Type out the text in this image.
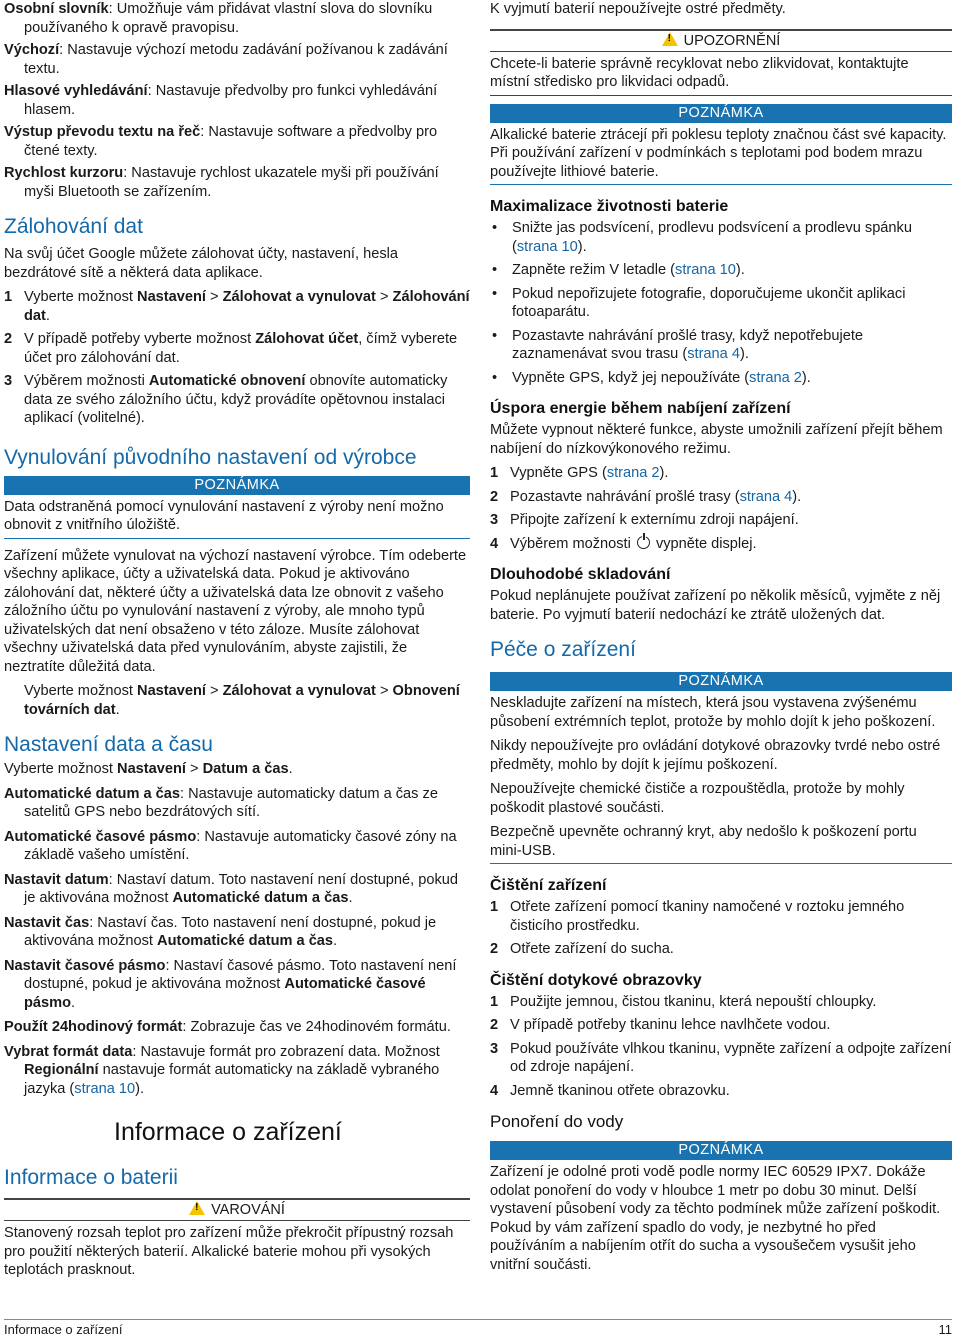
Osobní slovník: Umožňuje vám přidávat vlastní slova do slovníku používaného k opravě pravopisu.

Výchozí: Nastavuje výchozí metodu zadávání požívanou k zadávání textu.

Hlasové vyhledávání: Nastavuje předvolby pro funkci vyhledávání hlasem.

Výstup převodu textu na řeč: Nastavuje software a předvolby pro čtené texty.

Rychlost kurzoru: Nastavuje rychlost ukazatele myši při používání myši Bluetooth se zařízením.

Zálohování dat

Na svůj účet Google můžete zálohovat účty, nastavení, hesla bezdrátové sítě a některá data aplikace.

1 Vyberte možnost Nastavení > Zálohovat a vynulovat > Zálohování dat.
2 V případě potřeby vyberte možnost Zálohovat účet, čímž vyberete účet pro zálohování dat.
3 Výběrem možnosti Automatické obnovení obnovíte automaticky data ze svého záložního účtu, když provádíte opětovnou instalaci aplikací (volitelné).
Vynulování původního nastavení od výrobce
POZNÁMKA

Data odstraněná pomocí vynulování nastavení z výroby není možno obnovit z vnitřního úložiště.

Zařízení můžete vynulovat na výchozí nastavení výrobce. Tím odeberte všechny aplikace, účty a uživatelská data. Pokud je aktivováno zálohování dat, některé účty a uživatelská data lze obnovit z vašeho záložního účtu po vynulování nastavení z výroby, ale mnoho typů uživatelských dat není obsaženo v této záloze. Musíte zálohovat všechny uživatelská data před vynulováním, abyste zajistili, že neztratíte důležitá data.

Vyberte možnost Nastavení > Zálohovat a vynulovat > Obnovení továrních dat.

Nastavení data a času

Vyberte možnost Nastavení > Datum a čas.

Automatické datum a čas: Nastavuje automaticky datum a čas ze satelitů GPS nebo bezdrátových sítí.

Automatické časové pásmo: Nastavuje automaticky časové zóny na základě vašeho umístění.

Nastavit datum: Nastaví datum. Toto nastavení není dostupné, pokud je aktivována možnost Automatické datum a čas.

Nastavit čas: Nastaví čas. Toto nastavení není dostupné, pokud je aktivována možnost Automatické datum a čas.

Nastavit časové pásmo: Nastaví časové pásmo. Toto nastavení není dostupné, pokud je aktivována možnost Automatické časové pásmo.

Použít 24hodinový formát: Zobrazuje čas ve 24hodinovém formátu.

Vybrat formát data: Nastavuje formát pro zobrazení data. Možnost Regionální nastavuje formát automaticky na základě vybraného jazyka (strana 10).

Informace o zařízení
Informace o baterii
!VAROVÁNÍ

Stanovený rozsah teplot pro zařízení může překročit přípustný rozsah pro použití některých baterií. Alkalické baterie mohou při vysokých teplotách prasknout.

K vyjmutí baterií nepoužívejte ostré předměty.

!UPOZORNĚNÍ

Chcete-li baterie správně recyklovat nebo zlikvidovat, kontaktujte místní středisko pro likvidaci odpadů.

POZNÁMKA

Alkalické baterie ztrácejí při poklesu teploty značnou část své kapacity. Při používání zařízení v podmínkách s teplotami pod bodem mrazu používejte lithiové baterie.

Maximalizace životnosti baterie
• Snižte jas podsvícení, prodlevu podsvícení a prodlevu spánku (strana 10).
• Zapněte režim V letadle (strana 10).
• Pokud nepořizujete fotografie, doporučujeme ukončit aplikaci fotoaparátu.
• Pozastavte nahrávání prošlé trasy, když nepotřebujete zaznamenávat svou trasu (strana 4).
• Vypněte GPS, když jej nepoužíváte (strana 2).
Úspora energie během nabíjení zařízení

Můžete vypnout některé funkce, abyste umožnili zařízení přejít během nabíjení do nízkovýkonového režimu.

1 Vypněte GPS (strana 2).
2 Pozastavte nahrávání prošlé trasy (strana 4).
3 Připojte zařízení k externímu zdroji napájení.
4 Výběrem možnosti  vypněte displej.
Dlouhodobé skladování

Pokud neplánujete používat zařízení po několik měsíců, vyjměte z něj baterie. Po vyjmutí baterií nedochází ke ztrátě uložených dat.

Péče o zařízení
POZNÁMKA

Neskladujte zařízení na místech, která jsou vystavena zvýšenému působení extrémních teplot, protože by mohlo dojít k jeho poškození.

Nikdy nepoužívejte pro ovládání dotykové obrazovky tvrdé nebo ostré předměty, mohlo by dojít k jejímu poškození.

Nepoužívejte chemické čističe a rozpouštědla, protože by mohly poškodit plastové součásti.

Bezpečně upevněte ochranný kryt, aby nedošlo k poškození portu mini-USB.

Čištění zařízení
1 Otřete zařízení pomocí tkaniny namočené v roztoku jemného čisticího prostředku.
2 Otřete zařízení do sucha.
Čištění dotykové obrazovky
1 Použijte jemnou, čistou tkaninu, která nepouští chloupky.
2 V případě potřeby tkaninu lehce navlhčete vodou.
3 Pokud používáte vlhkou tkaninu, vypněte zařízení a odpojte zařízení od zdroje napájení.
4 Jemně tkaninou otřete obrazovku.
Ponoření do vody
POZNÁMKA

Zařízení je odolné proti vodě podle normy IEC 60529 IPX7. Dokáže odolat ponoření do vody v hloubce 1 metr po dobu 30 minut. Delší vystavení působení vody za těchto podmínek může zařízení poškodit. Pokud by vám zařízení spadlo do vody, je nezbytné ho před používáním a nabíjením otřít do sucha a vysoušečem vysušit jeho vnitřní součásti.

Informace o zařízení	11
